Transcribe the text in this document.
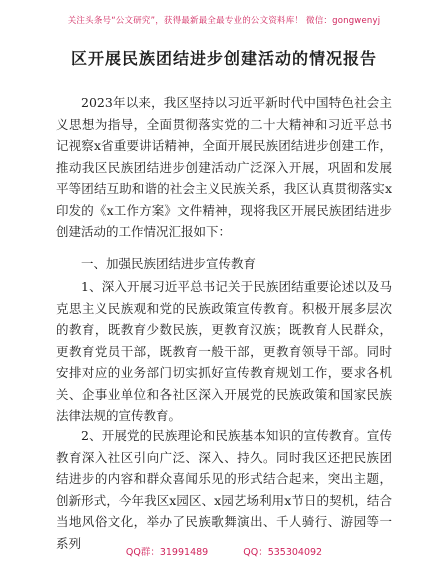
关注头条号“公文研究”，获得最新最全最专业的公文资料库！ 微信：gongwenyj
区开展民族团结进步创建活动的情况报告

2023年以来，我区坚持以习近平新时代中国特色社会主义思想为指导，全面贯彻落实党的二十大精神和习近平总书记视察x省重要讲话精神，全面开展民族团结进步创建工作，推动我区民族团结进步创建活动广泛深入开展，巩固和发展平等团结互助和谐的社会主义民族关系，我区认真贯彻落实x印发的《x工作方案》文件精神，现将我区开展民族团结进步创建活动的工作情况汇报如下：

一、加强民族团结进步宣传教育

1、深入开展习近平总书记关于民族团结重要论述以及马克思主义民族观和党的民族政策宣传教育。积极开展多层次的教育，既教育少数民族，更教育汉族；既教育人民群众，更教育党员干部，既教育一般干部，更教育领导干部。同时安排对应的业务部门切实抓好宣传教育规划工作，要求各机关、企事业单位和各社区深入开展党的民族政策和国家民族法律法规的宣传教育。

2、开展党的民族理论和民族基本知识的宣传教育。宣传教育深入社区引向广泛、深入、持久。同时我区还把民族团结进步的内容和群众喜闻乐见的形式结合起来，突出主题，创新形式，今年我区x园区、x园艺场利用x节日的契机，结合当地风俗文化，举办了民族歌舞演出、千人骑行、游园等一系列

QQ群：31991489	QQ：535304092
